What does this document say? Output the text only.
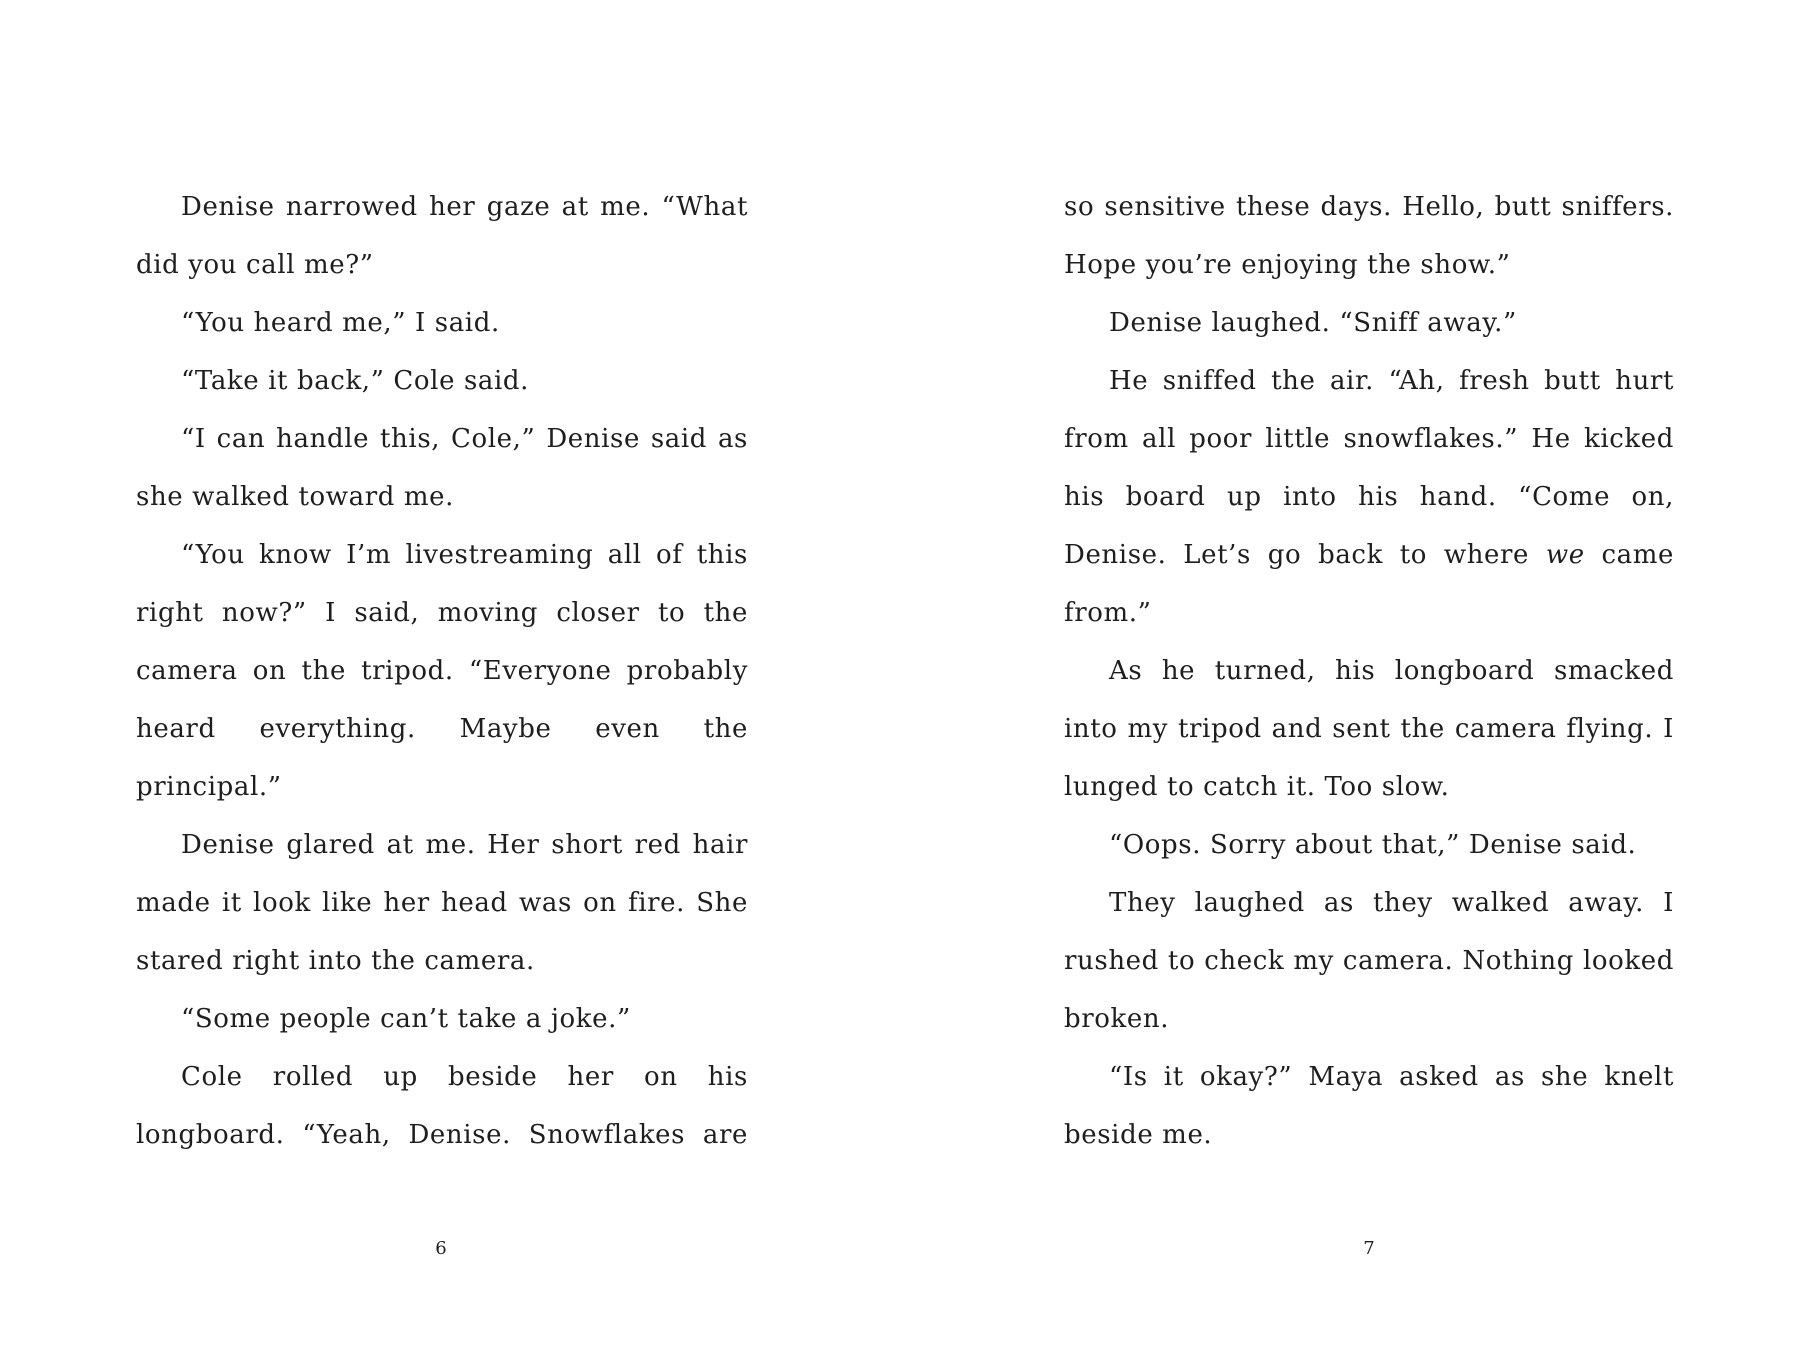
Denise narrowed her gaze at me. “What did you call me?”

“You heard me,” I said.

“Take it back,” Cole said.

“I can handle this, Cole,” Denise said as she walked toward me.

“You know I’m livestreaming all of this right now?” I said, moving closer to the camera on the tripod. “Everyone probably heard everything. Maybe even the principal.”

Denise glared at me. Her short red hair made it look like her head was on fire. She stared right into the camera.

“Some people can’t take a joke.”

Cole rolled up beside her on his longboard. “Yeah, Denise. Snowflakes are

6

so sensitive these days. Hello, butt sniffers. Hope you’re enjoying the show.”

Denise laughed. “Sniff away.”

He sniffed the air. “Ah, fresh butt hurt from all poor little snowflakes.” He kicked his board up into his hand. “Come on, Denise. Let’s go back to where we came from.”

As he turned, his longboard smacked into my tripod and sent the camera flying. I lunged to catch it. Too slow.

“Oops. Sorry about that,” Denise said.

They laughed as they walked away. I rushed to check my camera. Nothing looked broken.

“Is it okay?” Maya asked as she knelt beside me.

7
